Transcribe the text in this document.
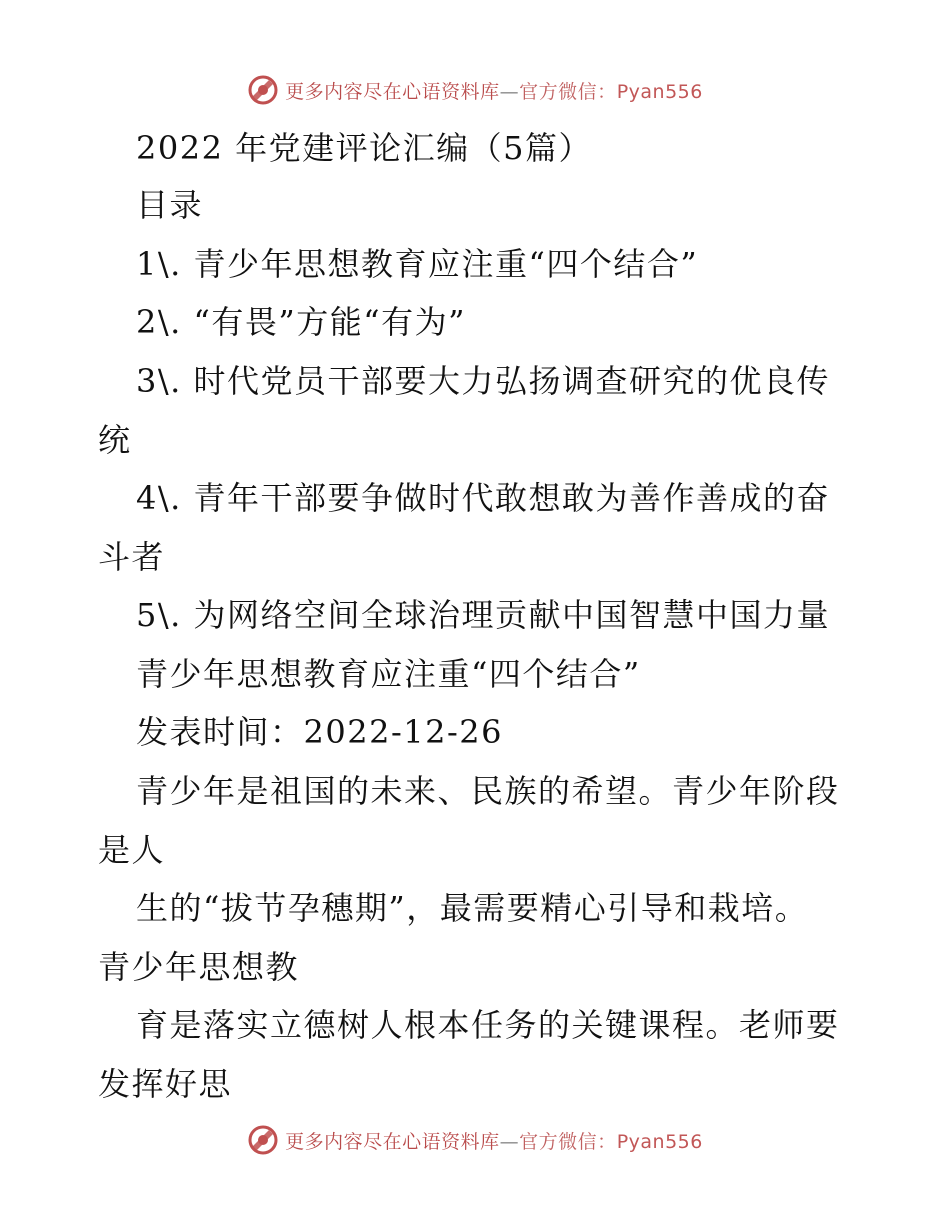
更多内容尽在心语资料库—官方微信：Pyan556
2022 年党建评论汇编（5篇）
目录
1\. 青少年思想教育应注重“四个结合”
2\. “有畏”方能“有为”
3\. 时代党员干部要大力弘扬调查研究的优良传
统
4\. 青年干部要争做时代敢想敢为善作善成的奋
斗者
5\. 为网络空间全球治理贡献中国智慧中国力量
青少年思想教育应注重“四个结合”
发表时间：2022-12-26
青少年是祖国的未来、民族的希望。青少年阶段
是人
生的“拔节孕穗期”，最需要精心引导和栽培。
青少年思想教
育是落实立德树人根本任务的关键课程。老师要
发挥好思
更多内容尽在心语资料库—官方微信：Pyan556
